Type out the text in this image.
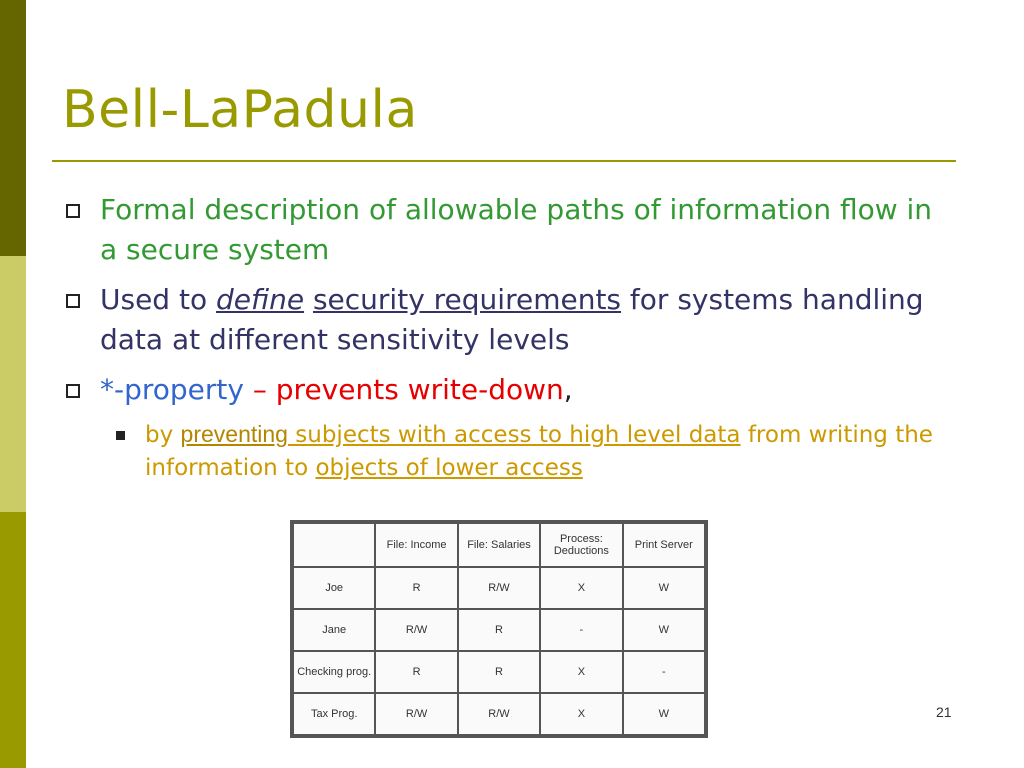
Bell-LaPadula
Formal description of allowable paths of information flow in a secure system
Used to define security requirements for systems handling data at different sensitivity levels
*-property – prevents write-down,
by preventing subjects with access to high level data from writing the information to objects of lower access
	File: Income	File: Salaries	Process: Deductions	Print Server
Joe	R	R/W	X	W
Jane	R/W	R	-	W
Checking prog.	R	R	X	-
Tax Prog.	R/W	R/W	X	W	21
